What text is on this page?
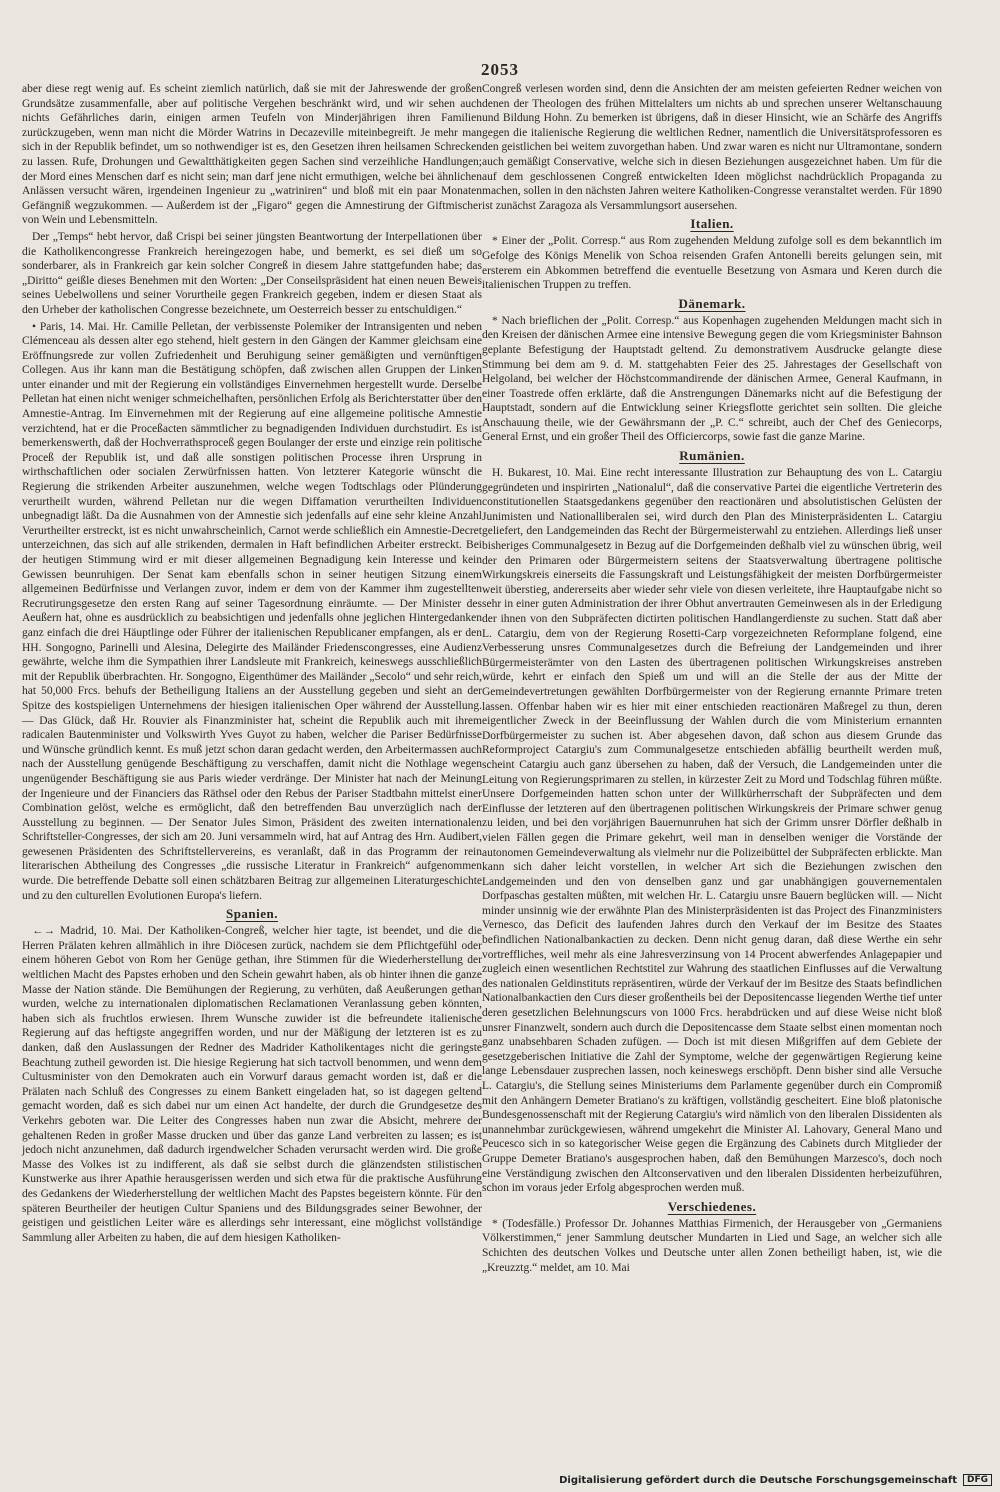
2053

aber diese regt wenig auf. Es scheint ziemlich natürlich, daß sie mit der Jahreswende der großen Grundsätze zusammenfalle, aber auf politische Vergehen beschränkt wird, und wir sehen auch nichts Gefährliches darin, einigen armen Teufeln von Minderjährigen ihren Familien zurückzugeben, wenn man nicht die Mörder Watrins in Decazeville miteinbegreift. Je mehr man sich in der Republik befindet, um so nothwendiger ist es, den Gesetzen ihren heilsamen Schrecken zu lassen. Rufe, Drohungen und Gewaltthätigkeiten gegen Sachen sind verzeihliche Handlungen; der Mord eines Menschen darf es nicht sein; man darf jene nicht ermuthigen, welche bei ähnlichen Anlässen versucht wären, irgendeinen Ingenieur zu „watriniren“ und bloß mit ein paar Monaten Gefängniß wegzukommen. — Außerdem ist der „Figaro“ gegen die Amnestirung der Giftmischer von Wein und Lebensmitteln.

Der „Temps“ hebt hervor, daß Crispi bei seiner jüngsten Beantwortung der Interpellationen über die Katholikencongresse Frankreich hereingezogen habe, und bemerkt, es sei dieß um so sonderbarer, als in Frankreich gar kein solcher Congreß in diesem Jahre stattgefunden habe; das „Diritto“ geißle dieses Benehmen mit den Worten: „Der Conseilspräsident hat einen neuen Beweis seines Uebelwollens und seiner Vorurtheile gegen Frankreich gegeben, indem er diesen Staat als den Urheber der katholischen Congresse bezeichnete, um Oesterreich besser zu entschuldigen.“

• Paris, 14. Mai. Hr. Camille Pelletan, der verbissenste Polemiker der Intransigenten und neben Clémenceau als dessen alter ego stehend, hielt gestern in den Gängen der Kammer gleichsam eine Eröffnungsrede zur vollen Zufriedenheit und Beruhigung seiner gemäßigten und vernünftigen Collegen. Aus ihr kann man die Bestätigung schöpfen, daß zwischen allen Gruppen der Linken unter einander und mit der Regierung ein vollständiges Einvernehmen hergestellt wurde. Derselbe Pelletan hat einen nicht weniger schmeichelhaften, persönlichen Erfolg als Berichterstatter über den Amnestie-Antrag. Im Einvernehmen mit der Regierung auf eine allgemeine politische Amnestie verzichtend, hat er die Proceßacten sämmtlicher zu begnadigenden Individuen durchstudirt. Es ist bemerkenswerth, daß der Hochverrathsproceß gegen Boulanger der erste und einzige rein politische Proceß der Republik ist, und daß alle sonstigen politischen Processe ihren Ursprung in wirthschaftlichen oder socialen Zerwürfnissen hatten. Von letzterer Kategorie wünscht die Regierung die strikenden Arbeiter auszunehmen, welche wegen Todtschlags oder Plünderung verurtheilt wurden, während Pelletan nur die wegen Diffamation verurtheilten Individuen unbegnadigt läßt. Da die Ausnahmen von der Amnestie sich jedenfalls auf eine sehr kleine Anzahl Verurtheilter erstreckt, ist es nicht unwahrscheinlich, Carnot werde schließlich ein Amnestie-Decret unterzeichnen, das sich auf alle strikenden, dermalen in Haft befindlichen Arbeiter erstreckt. Bei der heutigen Stimmung wird er mit dieser allgemeinen Begnadigung kein Interesse und kein Gewissen beunruhigen. Der Senat kam ebenfalls schon in seiner heutigen Sitzung einem allgemeinen Bedürfnisse und Verlangen zuvor, indem er dem von der Kammer ihm zugestellten Recrutirungsgesetze den ersten Rang auf seiner Tagesordnung einräumte. — Der Minister des Aeußern hat, ohne es ausdrücklich zu beabsichtigen und jedenfalls ohne jeglichen Hintergedanken ganz einfach die drei Häuptlinge oder Führer der italienischen Republicaner empfangen, als er den HH. Songogno, Parinelli und Alesina, Delegirte des Mailänder Friedenscongresses, eine Audienz gewährte, welche ihm die Sympathien ihrer Landsleute mit Frankreich, keineswegs ausschließlich mit der Republik überbrachten. Hr. Songogno, Eigenthümer des Mailänder „Secolo“ und sehr reich, hat 50,000 Frcs. behufs der Betheiligung Italiens an der Ausstellung gegeben und sieht an der Spitze des kostspieligen Unternehmens der hiesigen italienischen Oper während der Ausstellung. — Das Glück, daß Hr. Rouvier als Finanzminister hat, scheint die Republik auch mit ihrem radicalen Bautenminister und Volkswirth Yves Guyot zu haben, welcher die Pariser Bedürfnisse und Wünsche gründlich kennt. Es muß jetzt schon daran gedacht werden, den Arbeitermassen auch nach der Ausstellung genügende Beschäftigung zu verschaffen, damit nicht die Nothlage wegen ungenügender Beschäftigung sie aus Paris wieder verdränge. Der Minister hat nach der Meinung der Ingenieure und der Financiers das Räthsel oder den Rebus der Pariser Stadtbahn mittelst einer Combination gelöst, welche es ermöglicht, daß den betreffenden Bau unverzüglich nach der Ausstellung zu beginnen. — Der Senator Jules Simon, Präsident des zweiten internationalen Schriftsteller-Congresses, der sich am 20. Juni versammeln wird, hat auf Antrag des Hrn. Audibert, gewesenen Präsidenten des Schriftstellervereins, es veranlaßt, daß in das Programm der rein literarischen Abtheilung des Congresses „die russische Literatur in Frankreich“ aufgenommen wurde. Die betreffende Debatte soll einen schätzbaren Beitrag zur allgemeinen Literaturgeschichte und zu den culturellen Evolutionen Europa's liefern.

Spanien.

←→ Madrid, 10. Mai. Der Katholiken-Congreß, welcher hier tagte, ist beendet, und die die Herren Prälaten kehren allmählich in ihre Diöcesen zurück, nachdem sie dem Pflichtgefühl oder einem höheren Gebot von Rom her Genüge gethan, ihre Stimmen für die Wiederherstellung der weltlichen Macht des Papstes erhoben und den Schein gewahrt haben, als ob hinter ihnen die ganze Masse der Nation stände. Die Bemühungen der Regierung, zu verhüten, daß Aeußerungen gethan wurden, welche zu internationalen diplomatischen Reclamationen Veranlassung geben könnten, haben sich als fruchtlos erwiesen. Ihrem Wunsche zuwider ist die befreundete italienische Regierung auf das heftigste angegriffen worden, und nur der Mäßigung der letzteren ist es zu danken, daß den Auslassungen der Redner des Madrider Katholikentages nicht die geringste Beachtung zutheil geworden ist. Die hiesige Regierung hat sich tactvoll benommen, und wenn dem Cultusminister von den Demokraten auch ein Vorwurf daraus gemacht worden ist, daß er die Prälaten nach Schluß des Congresses zu einem Bankett eingeladen hat, so ist dagegen geltend gemacht worden, daß es sich dabei nur um einen Act handelte, der durch die Grundgesetze des Verkehrs geboten war. Die Leiter des Congresses haben nun zwar die Absicht, mehrere der gehaltenen Reden in großer Masse drucken und über das ganze Land verbreiten zu lassen; es ist jedoch nicht anzunehmen, daß dadurch irgendwelcher Schaden verursacht werden wird. Die große Masse des Volkes ist zu indifferent, als daß sie selbst durch die glänzendsten stilistischen Kunstwerke aus ihrer Apathie herausgerissen werden und sich etwa für die praktische Ausführung des Gedankens der Wiederherstellung der weltlichen Macht des Papstes begeistern könnte. Für den späteren Beurtheiler der heutigen Cultur Spaniens und des Bildungsgrades seiner Bewohner, der geistigen und geistlichen Leiter wäre es allerdings sehr interessant, eine möglichst vollständige Sammlung aller Arbeiten zu haben, die auf dem hiesigen Katholiken-

Congreß verlesen worden sind, denn die Ansichten der am meisten gefeierten Redner weichen von denen der Theologen des frühen Mittelalters um nichts ab und sprechen unserer Weltanschauung und Bildung Hohn. Zu bemerken ist übrigens, daß in dieser Hinsicht, wie an Schärfe des Angriffs gegen die italienische Regierung die weltlichen Redner, namentlich die Universitätsprofessoren es den geistlichen bei weitem zuvorgethan haben. Und zwar waren es nicht nur Ultramontane, sondern auch gemäßigt Conservative, welche sich in diesen Beziehungen ausgezeichnet haben. Um für die auf dem geschlossenen Congreß entwickelten Ideen möglichst nachdrücklich Propaganda zu machen, sollen in den nächsten Jahren weitere Katholiken-Congresse veranstaltet werden. Für 1890 ist zunächst Zaragoza als Versammlungsort ausersehen.

Italien.

* Einer der „Polit. Corresp.“ aus Rom zugehenden Meldung zufolge soll es dem bekanntlich im Gefolge des Königs Menelik von Schoa reisenden Grafen Antonelli bereits gelungen sein, mit ersterem ein Abkommen betreffend die eventuelle Besetzung von Asmara und Keren durch die italienischen Truppen zu treffen.

Dänemark.

* Nach brieflichen der „Polit. Corresp.“ aus Kopenhagen zugehenden Meldungen macht sich in den Kreisen der dänischen Armee eine intensive Bewegung gegen die vom Kriegsminister Bahnson geplante Befestigung der Hauptstadt geltend. Zu demonstrativem Ausdrucke gelangte diese Stimmung bei dem am 9. d. M. stattgehabten Feier des 25. Jahrestages der Gesellschaft von Helgoland, bei welcher der Höchstcommandirende der dänischen Armee, General Kaufmann, in einer Toastrede offen erklärte, daß die Anstrengungen Dänemarks nicht auf die Befestigung der Hauptstadt, sondern auf die Entwicklung seiner Kriegsflotte gerichtet sein sollten. Die gleiche Anschauung theile, wie der Gewährsmann der „P. C.“ schreibt, auch der Chef des Geniecorps, General Ernst, und ein großer Theil des Officiercorps, sowie fast die ganze Marine.

Rumänien.

H. Bukarest, 10. Mai. Eine recht interessante Illustration zur Behauptung des von L. Catargiu gegründeten und inspirirten „Nationalul“, daß die conservative Partei die eigentliche Vertreterin des constitutionellen Staatsgedankens gegenüber den reactionären und absolutistischen Gelüsten der Junimisten und Nationalliberalen sei, wird durch den Plan des Ministerpräsidenten L. Catargiu geliefert, den Landgemeinden das Recht der Bürgermeisterwahl zu entziehen. Allerdings ließ unser bisheriges Communalgesetz in Bezug auf die Dorfgemeinden deßhalb viel zu wünschen übrig, weil der den Primaren oder Bürgermeistern seitens der Staatsverwaltung übertragene politische Wirkungskreis einerseits die Fassungskraft und Leistungsfähigkeit der meisten Dorfbürgermeister weit überstieg, andererseits aber wieder sehr viele von diesen verleitete, ihre Hauptaufgabe nicht so sehr in einer guten Administration der ihrer Obhut anvertrauten Gemeinwesen als in der Erledigung der ihnen von den Subpräfecten dictirten politischen Handlangerdienste zu suchen. Statt daß aber L. Catargiu, dem von der Regierung Rosetti-Carp vorgezeichneten Reformplane folgend, eine Verbesserung unsres Communalgesetzes durch die Befreiung der Landgemeinden und ihrer Bürgermeisterämter von den Lasten des übertragenen politischen Wirkungskreises anstreben würde, kehrt er einfach den Spieß um und will an die Stelle der aus der Mitte der Gemeindevertretungen gewählten Dorfbürgermeister von der Regierung ernannte Primare treten lassen. Offenbar haben wir es hier mit einer entschieden reactionären Maßregel zu thun, deren eigentlicher Zweck in der Beeinflussung der Wahlen durch die vom Ministerium ernannten Dorfbürgermeister zu suchen ist. Aber abgesehen davon, daß schon aus diesem Grunde das Reformproject Catargiu's zum Communalgesetze entschieden abfällig beurtheilt werden muß, scheint Catargiu auch ganz übersehen zu haben, daß der Versuch, die Landgemeinden unter die Leitung von Regierungsprimaren zu stellen, in kürzester Zeit zu Mord und Todschlag führen müßte. Unsere Dorfgemeinden hatten schon unter der Willkürherrschaft der Subpräfecten und dem Einflusse der letzteren auf den übertragenen politischen Wirkungskreis der Primare schwer genug zu leiden, und bei den vorjährigen Bauernunruhen hat sich der Grimm unsrer Dörfler deßhalb in vielen Fällen gegen die Primare gekehrt, weil man in denselben weniger die Vorstände der autonomen Gemeindeverwaltung als vielmehr nur die Polizeibüttel der Subpräfecten erblickte. Man kann sich daher leicht vorstellen, in welcher Art sich die Beziehungen zwischen den Landgemeinden und den von denselben ganz und gar unabhängigen gouvernementalen Dorfpaschas gestalten müßten, mit welchen Hr. L. Catargiu unsre Bauern beglücken will. — Nicht minder unsinnig wie der erwähnte Plan des Ministerpräsidenten ist das Project des Finanzministers Vernesco, das Deficit des laufenden Jahres durch den Verkauf der im Besitze des Staates befindlichen Nationalbankactien zu decken. Denn nicht genug daran, daß diese Werthe ein sehr vortreffliches, weil mehr als eine Jahresverzinsung von 14 Procent abwerfendes Anlagepapier und zugleich einen wesentlichen Rechtstitel zur Wahrung des staatlichen Einflusses auf die Verwaltung des nationalen Geldinstituts repräsentiren, würde der Verkauf der im Besitze des Staats befindlichen Nationalbankactien den Curs dieser großentheils bei der Depositencasse liegenden Werthe tief unter deren gesetzlichen Belehnungscurs von 1000 Frcs. herabdrücken und auf diese Weise nicht bloß unsrer Finanzwelt, sondern auch durch die Depositencasse dem Staate selbst einen momentan noch ganz unabsehbaren Schaden zufügen. — Doch ist mit diesen Mißgriffen auf dem Gebiete der gesetzgeberischen Initiative die Zahl der Symptome, welche der gegenwärtigen Regierung keine lange Lebensdauer zusprechen lassen, noch keineswegs erschöpft. Denn bisher sind alle Versuche L. Catargiu's, die Stellung seines Ministeriums dem Parlamente gegenüber durch ein Compromiß mit den Anhängern Demeter Bratiano's zu kräftigen, vollständig gescheitert. Eine bloß platonische Bundesgenossenschaft mit der Regierung Catargiu's wird nämlich von den liberalen Dissidenten als unannehmbar zurückgewiesen, während umgekehrt die Minister Al. Lahovary, General Mano und Peucesco sich in so kategorischer Weise gegen die Ergänzung des Cabinets durch Mitglieder der Gruppe Demeter Bratiano's ausgesprochen haben, daß den Bemühungen Marzesco's, doch noch eine Verständigung zwischen den Altconservativen und den liberalen Dissidenten herbeizuführen, schon im voraus jeder Erfolg abgesprochen werden muß.

Verschiedenes.

* (Todesfälle.) Professor Dr. Johannes Matthias Firmenich, der Herausgeber von „Germaniens Völkerstimmen,“ jener Sammlung deutscher Mundarten in Lied und Sage, an welcher sich alle Schichten des deutschen Volkes und Deutsche unter allen Zonen betheiligt haben, ist, wie die „Kreuzztg.“ meldet, am 10. Mai

Digitalisierung gefördert durch die Deutsche Forschungsgemeinschaft	DFG
